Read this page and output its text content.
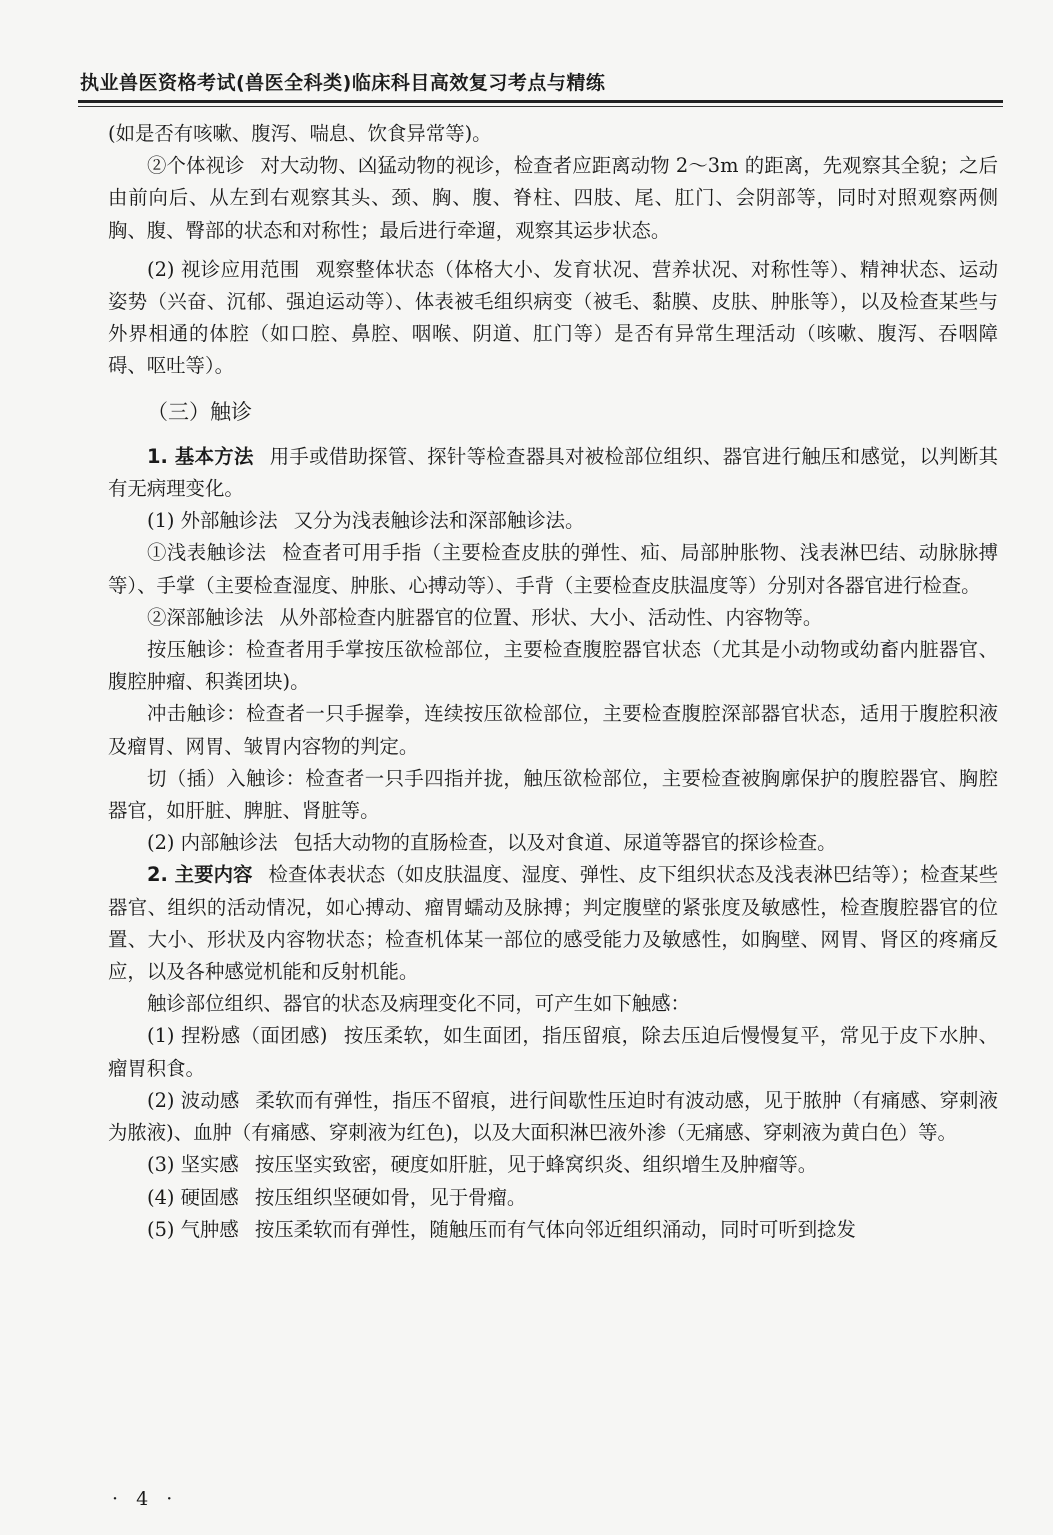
执业兽医资格考试(兽医全科类)临床科目高效复习考点与精练

(如是否有咳嗽、腹泻、喘息、饮食异常等)。

②个体视诊 对大动物、凶猛动物的视诊，检查者应距离动物 2～3m 的距离，先观察其全貌；之后由前向后、从左到右观察其头、颈、胸、腹、脊柱、四肢、尾、肛门、会阴部等，同时对照观察两侧胸、腹、臀部的状态和对称性；最后进行牵遛，观察其运步状态。

(2) 视诊应用范围 观察整体状态（体格大小、发育状况、营养状况、对称性等）、精神状态、运动姿势（兴奋、沉郁、强迫运动等）、体表被毛组织病变（被毛、黏膜、皮肤、肿胀等），以及检查某些与外界相通的体腔（如口腔、鼻腔、咽喉、阴道、肛门等）是否有异常生理活动（咳嗽、腹泻、吞咽障碍、呕吐等）。

（三）触诊

1. 基本方法 用手或借助探管、探针等检查器具对被检部位组织、器官进行触压和感觉，以判断其有无病理变化。

(1) 外部触诊法 又分为浅表触诊法和深部触诊法。

①浅表触诊法 检查者可用手指（主要检查皮肤的弹性、疝、局部肿胀物、浅表淋巴结、动脉脉搏等）、手掌（主要检查湿度、肿胀、心搏动等）、手背（主要检查皮肤温度等）分别对各器官进行检查。

②深部触诊法 从外部检查内脏器官的位置、形状、大小、活动性、内容物等。

按压触诊：检查者用手掌按压欲检部位，主要检查腹腔器官状态（尤其是小动物或幼畜内脏器官、腹腔肿瘤、积粪团块)。

冲击触诊：检查者一只手握拳，连续按压欲检部位，主要检查腹腔深部器官状态，适用于腹腔积液及瘤胃、网胃、皱胃内容物的判定。

切（插）入触诊：检查者一只手四指并拢，触压欲检部位，主要检查被胸廓保护的腹腔器官、胸腔器官，如肝脏、脾脏、肾脏等。

(2) 内部触诊法 包括大动物的直肠检查，以及对食道、尿道等器官的探诊检查。

2. 主要内容 检查体表状态（如皮肤温度、湿度、弹性、皮下组织状态及浅表淋巴结等）；检查某些器官、组织的活动情况，如心搏动、瘤胃蠕动及脉搏；判定腹壁的紧张度及敏感性，检查腹腔器官的位置、大小、形状及内容物状态；检查机体某一部位的感受能力及敏感性，如胸壁、网胃、肾区的疼痛反应，以及各种感觉机能和反射机能。

触诊部位组织、器官的状态及病理变化不同，可产生如下触感：

(1) 捏粉感（面团感) 按压柔软，如生面团，指压留痕，除去压迫后慢慢复平，常见于皮下水肿、瘤胃积食。

(2) 波动感 柔软而有弹性，指压不留痕，进行间歇性压迫时有波动感，见于脓肿（有痛感、穿刺液为脓液)、血肿（有痛感、穿刺液为红色)，以及大面积淋巴液外渗（无痛感、穿刺液为黄白色）等。

(3) 坚实感 按压坚实致密，硬度如肝脏，见于蜂窝织炎、组织增生及肿瘤等。

(4) 硬固感 按压组织坚硬如骨，见于骨瘤。

(5) 气肿感 按压柔软而有弹性，随触压而有气体向邻近组织涌动，同时可听到捻发

· 4 ·
